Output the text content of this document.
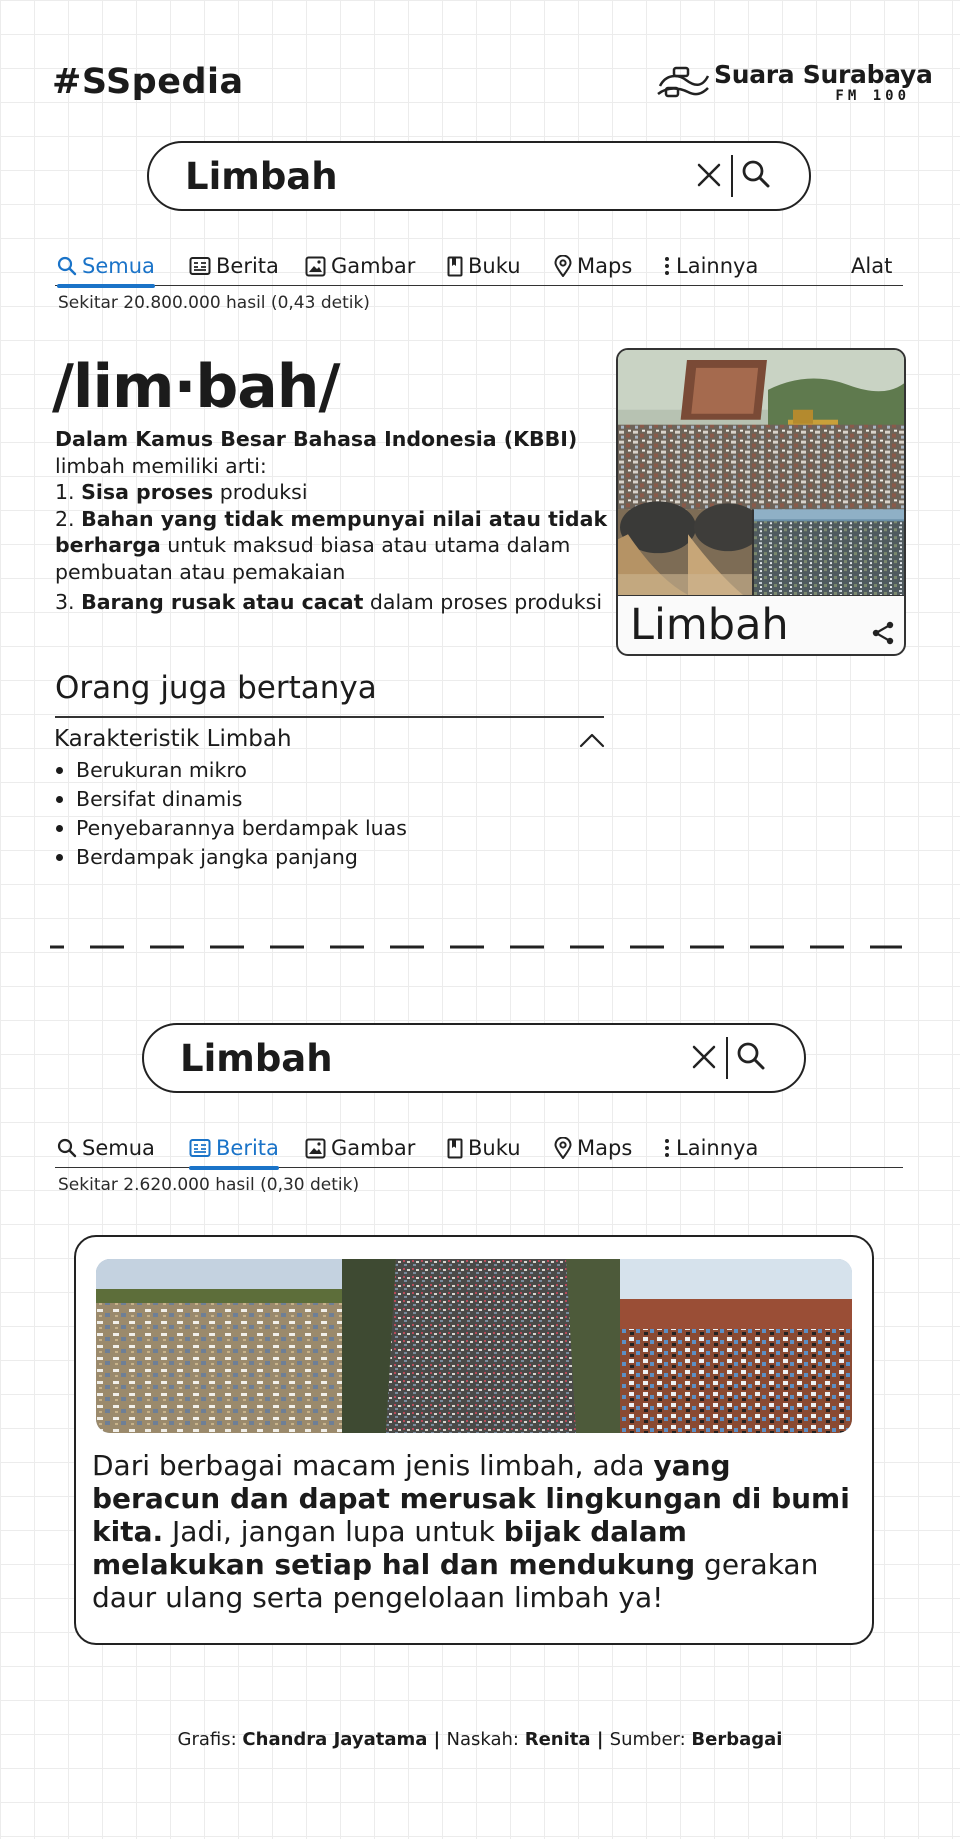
#SSpedia	Suara Surabaya
FM 100
Limbah
Semua	Berita Gambar	Buku	Maps Lainnya	Alat
Sekitar 20.800.000 hasil (0,43 detik)
/lim·bah/

Dalam Kamus Besar Bahasa Indonesia (KBBI)

limbah memiliki arti:

1. Sisa proses produksi

2. Bahan yang tidak mempunyai nilai atau tidak berharga untuk maksud biasa atau utama dalam pembuatan atau pemakaian

3. Barang rusak atau cacat dalam proses produksi Limbah
Orang juga bertanya
Karakteristik Limbah
Berukuran mikro
Bersifat dinamis
Penyebarannya berdampak luas
Berdampak jangka panjang
Limbah
Semua	Berita Gambar	Buku	Maps Lainnya
Sekitar 2.620.000 hasil (0,30 detik)
Dari berbagai macam jenis limbah, ada yang beracun dan dapat merusak lingkungan di bumi kita. Jadi, jangan lupa untuk bijak dalam melakukan setiap hal dan mendukung gerakan daur ulang serta pengelolaan limbah ya!
Grafis: Chandra Jayatama | Naskah: Renita | Sumber: Berbagai
